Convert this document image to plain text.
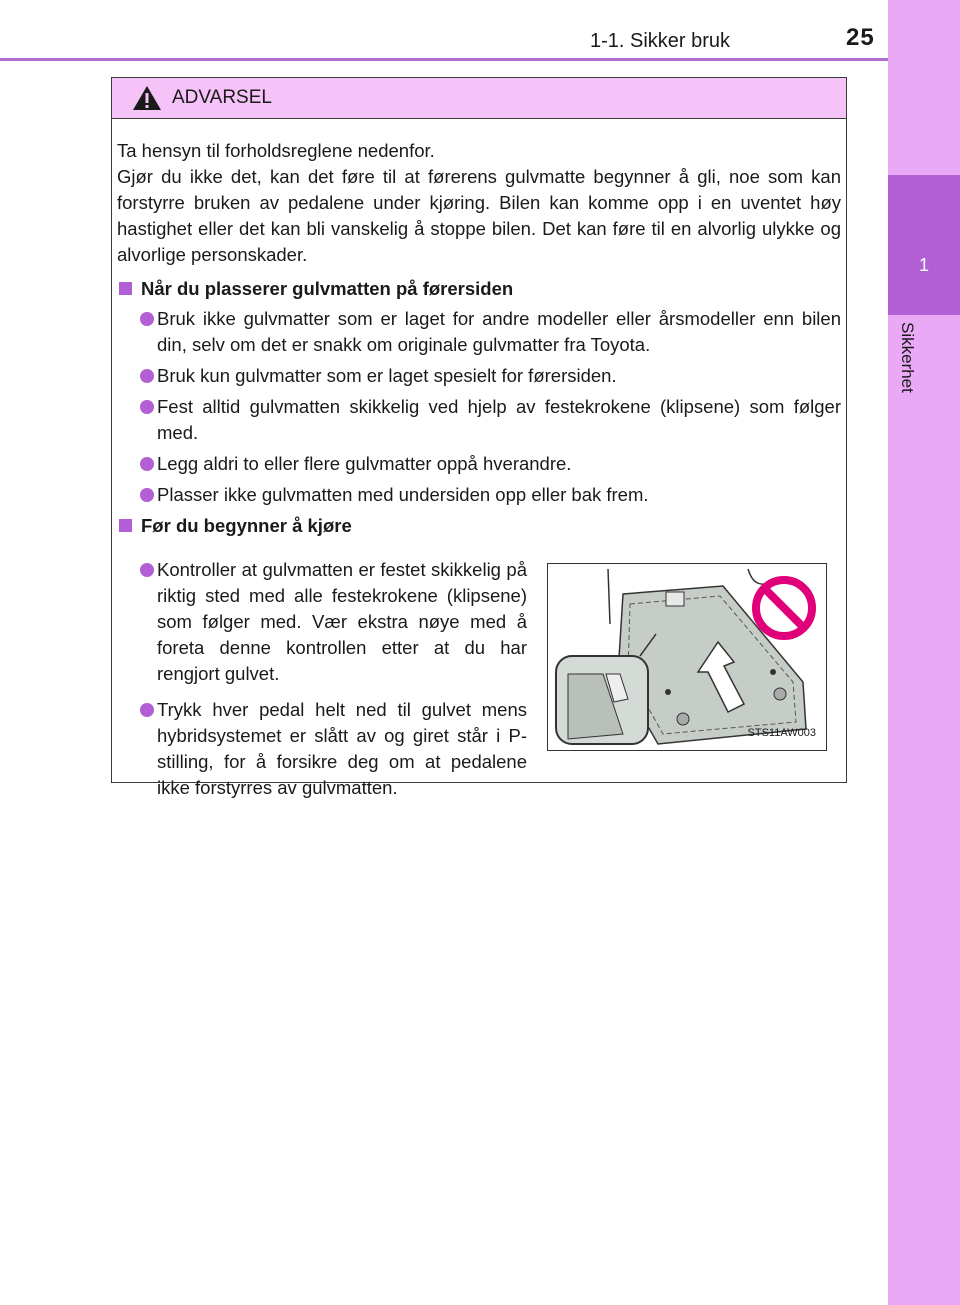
1
Sikkerhet
1-1. Sikker bruk	25
ADVARSEL

Ta hensyn til forholdsreglene nedenfor.

Gjør du ikke det, kan det føre til at førerens gulvmatte begynner å gli, noe som kan forstyrre bruken av pedalene under kjøring. Bilen kan komme opp i en uventet høy hastighet eller det kan bli vanskelig å stoppe bilen. Det kan føre til en alvorlig ulykke og alvorlige personskader.

Når du plasserer gulvmatten på førersiden
Bruk ikke gulvmatter som er laget for andre modeller eller årsmodeller enn bilen din, selv om det er snakk om originale gulvmatter fra Toyota.
Bruk kun gulvmatter som er laget spesielt for førersiden.
Fest alltid gulvmatten skikkelig ved hjelp av festekrokene (klipsene) som følger med.
Legg aldri to eller flere gulvmatter oppå hverandre.
Plasser ikke gulvmatten med undersiden opp eller bak frem.
Før du begynner å kjøre
Kontroller at gulvmatten er festet skikkelig på riktig sted med alle festekrokene (klipsene) som følger med. Vær ekstra nøye med å foreta denne kontrollen etter at du har rengjort gulvet.
Trykk hver pedal helt ned til gulvet mens hybridsystemet er slått av og giret står i P-stilling, for å forsikre deg om at pedalene ikke forstyrres av gulvmatten.
STS11AW003
